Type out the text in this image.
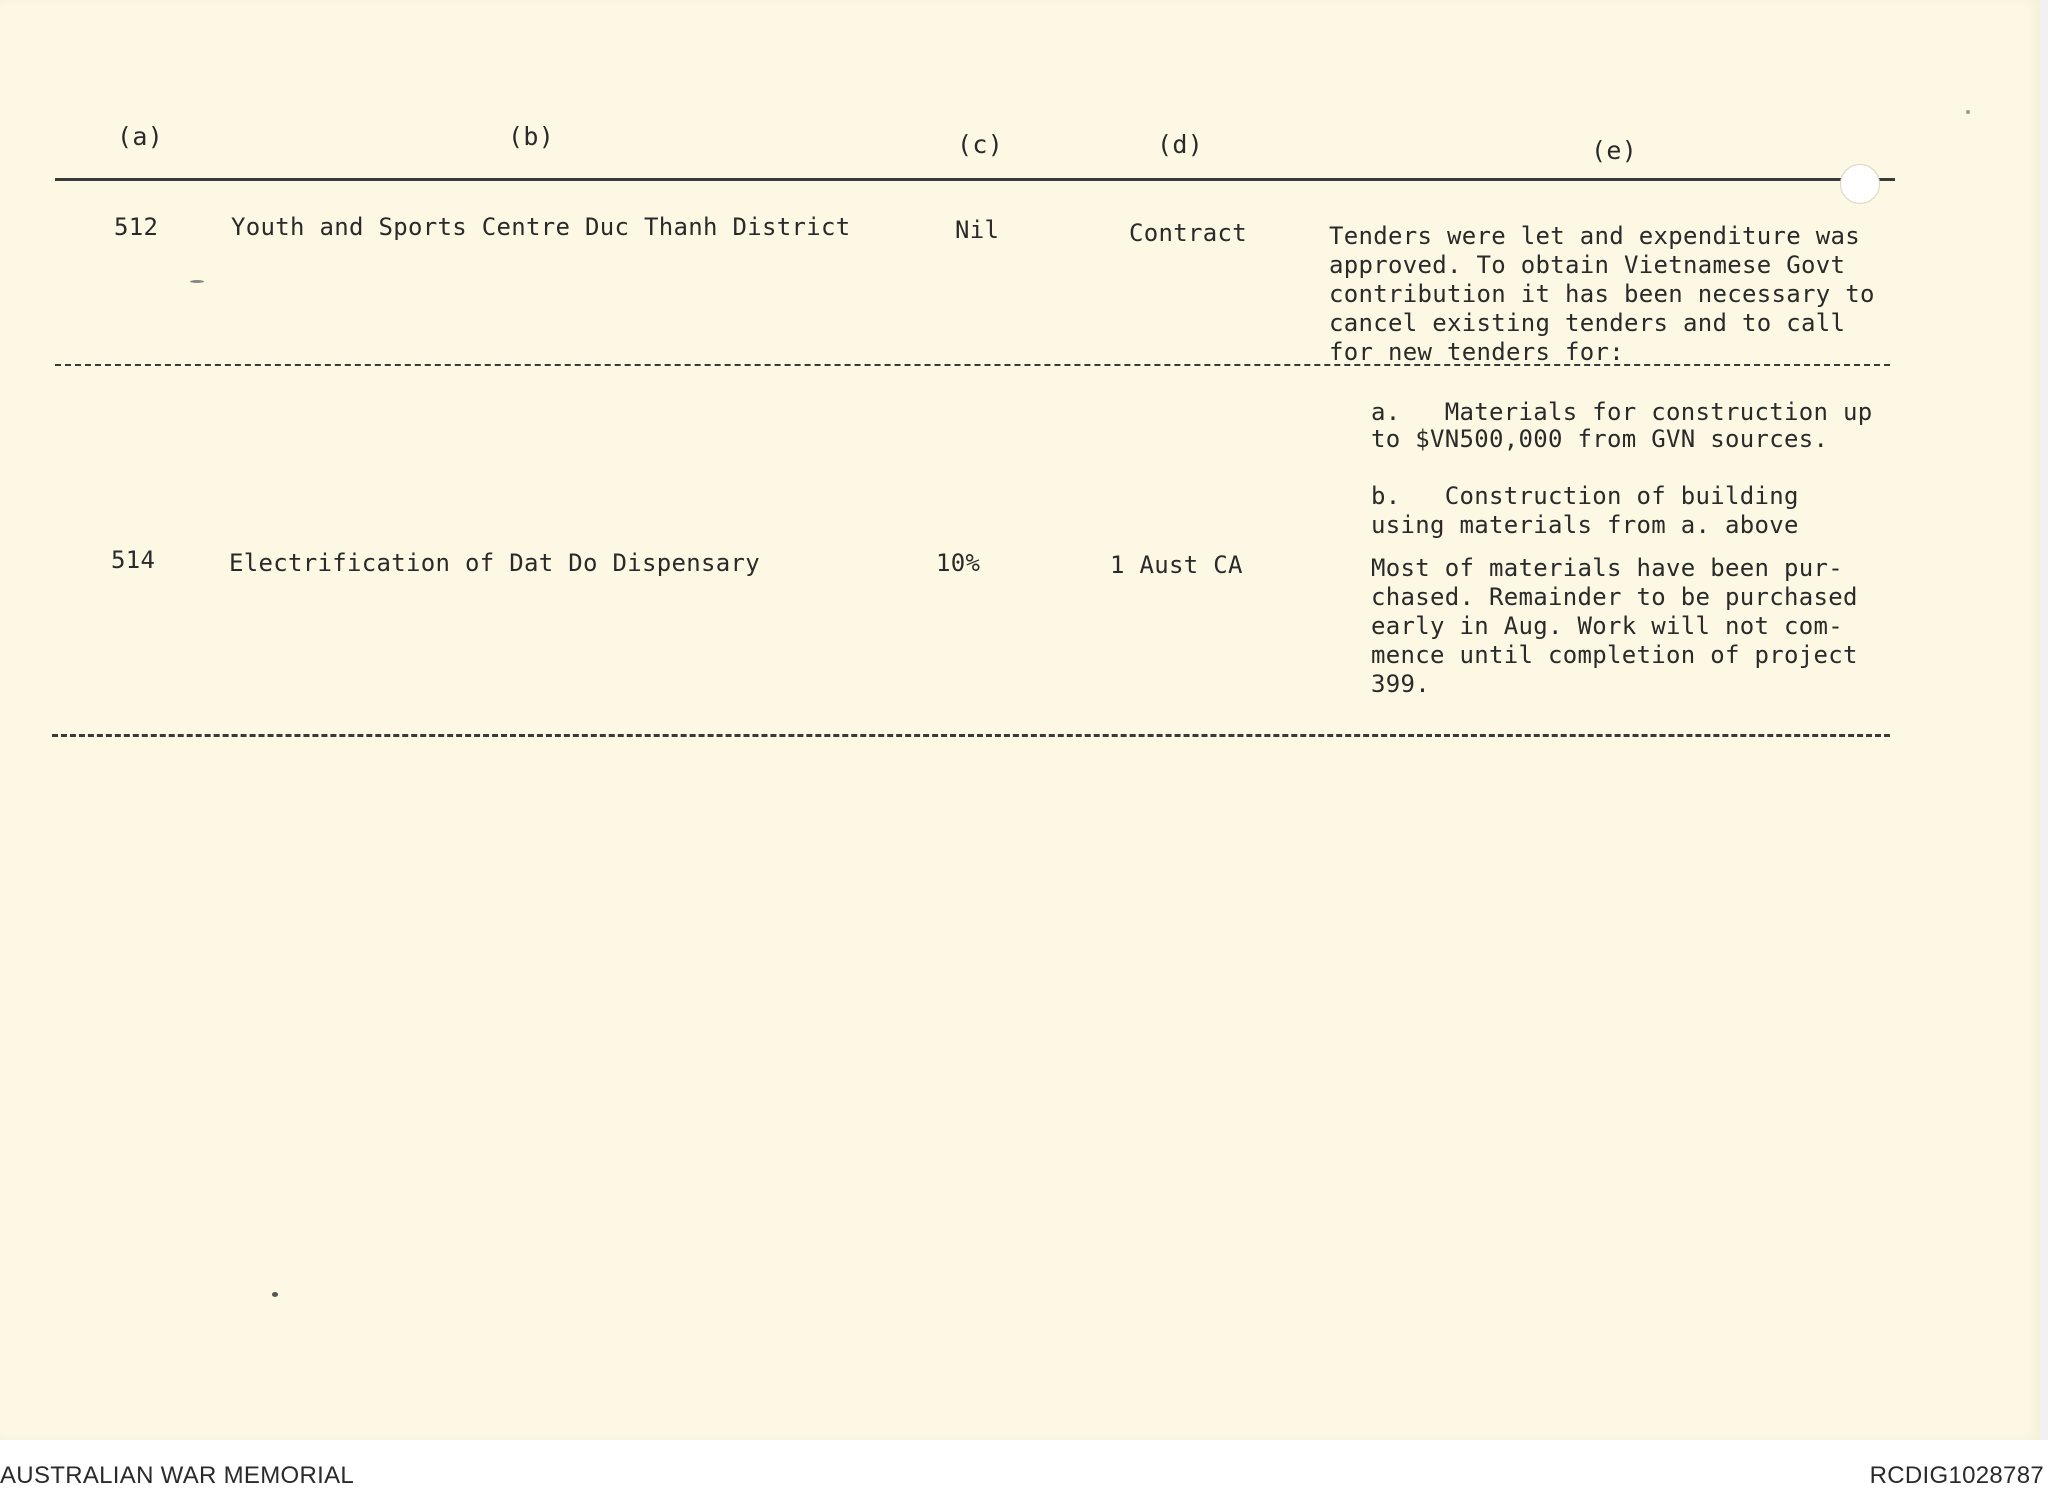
(a)	(b)	(c)	(d)	(e)
512	Youth and Sports Centre Duc Thanh District	Nil	Contract	Tenders were let and expenditure was
approved. To obtain Vietnamese Govt
contribution it has been necessary to
cancel existing tenders and to call
for new tenders for:
a.   Materials for construction up
to $VN500,000 from GVN sources.
b.   Construction of building
using materials from a. above
514	Electrification of Dat Do Dispensary	10%	1 Aust CA	Most of materials have been pur-
chased. Remainder to be purchased
early in Aug. Work will not com-
mence until completion of project
399.
AUSTRALIAN WAR MEMORIAL	RCDIG1028787
